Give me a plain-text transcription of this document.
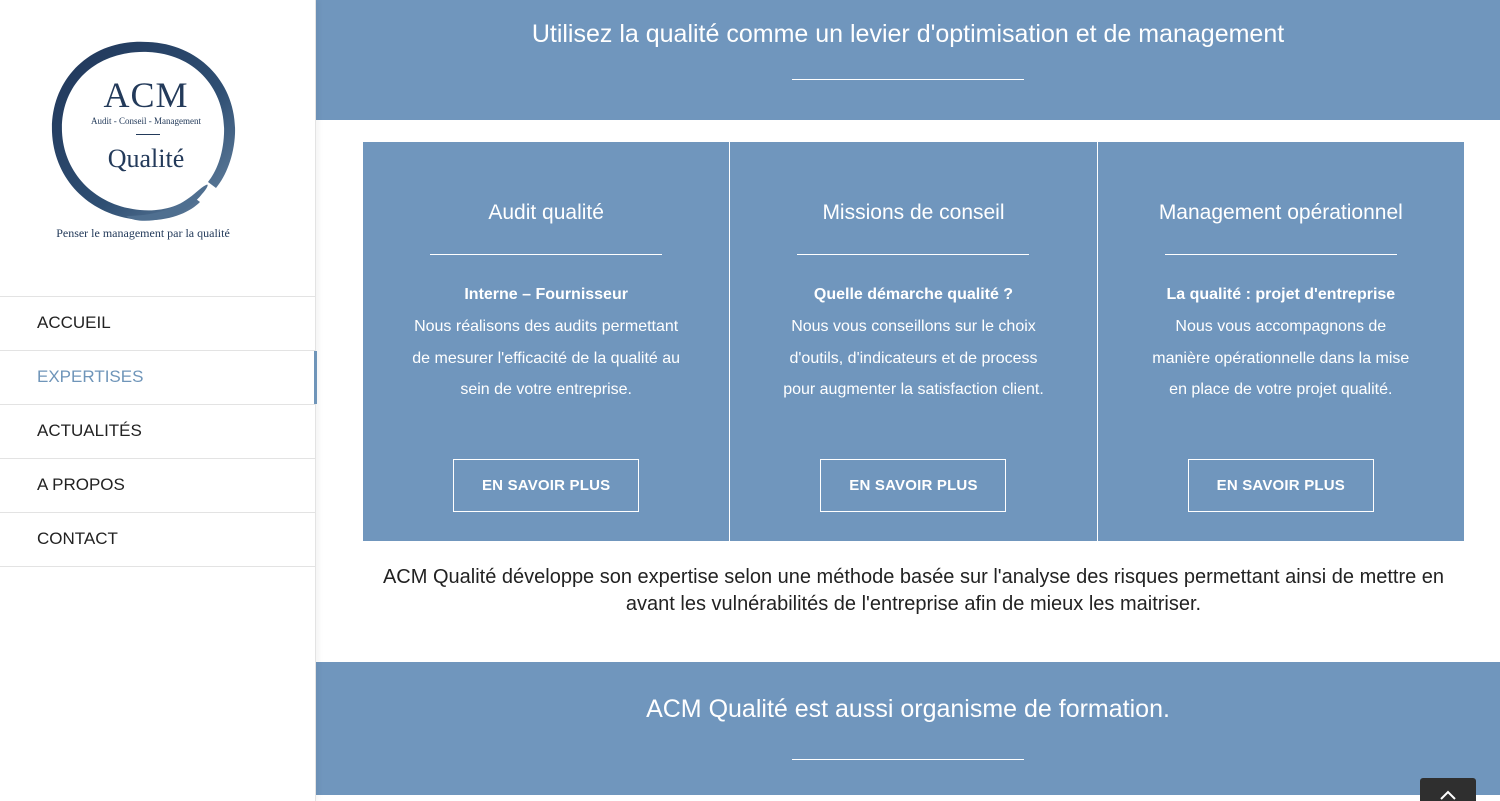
ACM
Audit - Conseil - Management
Qualité
Penser le management par la qualité
ACCUEIL
EXPERTISES
ACTUALITÉS
A PROPOS
CONTACT
Utilisez la qualité comme un levier d'optimisation et de management
Audit qualité
Interne – Fournisseur

Nous réalisons des audits permettant de mesurer l'efficacité de la qualité au sein de votre entreprise.

EN SAVOIR PLUS
Missions de conseil
Quelle démarche qualité ?

Nous vous conseillons sur le choix d'outils, d'indicateurs et de process pour augmenter la satisfaction client.

EN SAVOIR PLUS
Management opérationnel
La qualité : projet d'entreprise

Nous vous accompagnons de manière opérationnelle dans la mise en place de votre projet qualité.

EN SAVOIR PLUS

ACM Qualité développe son expertise selon une méthode basée sur l'analyse des risques permettant ainsi de mettre en avant les vulnérabilités de l'entreprise afin de mieux les maitriser.

ACM Qualité est aussi organisme de formation.
